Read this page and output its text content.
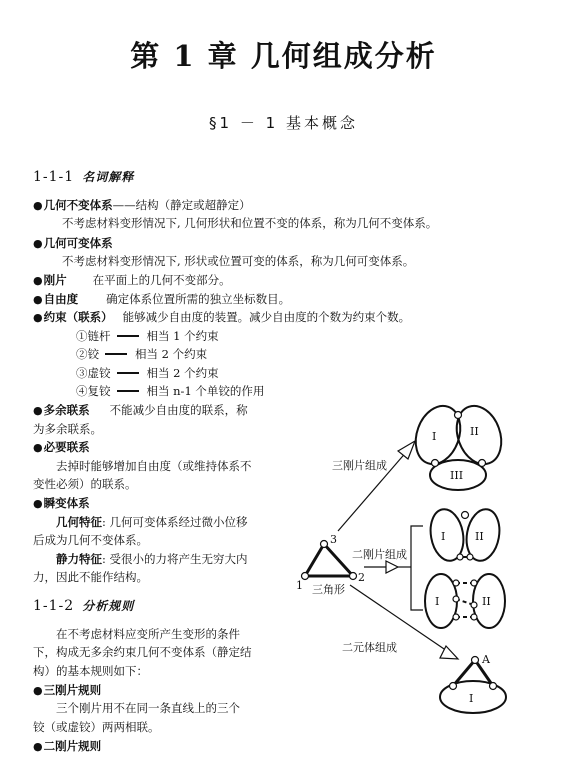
第 1 章 几何组成分析
§1 － 1 基本概念
1-1-1 名词解释
●几何不变体系——结构（静定或超静定）
不考虑材料变形情况下, 几何形状和位置不变的体系，称为几何不变体系。
●几何可变体系
不考虑材料变形情况下, 形状或位置可变的体系，称为几何可变体系。
●刚片 在平面上的几何不变部分。
●自由度 确定体系位置所需的独立坐标数目。
●约束（联系） 能够减少自由度的装置。减少自由度的个数为约束个数。
①链杆	相当 1 个约束
②铰	相当 2 个约束
③虚铰	相当 2 个约束
④复铰	相当 n-1 个单铰的作用
●多余联系 不能减少自由度的联系，称
为多余联系。
●必要联系
去掉时能够增加自由度（或维持体系不
变性必须）的联系。
●瞬变体系
几何特征: 几何可变体系经过微小位移
后成为几何不变体系。
静力特征: 受很小的力将产生无穷大内
力，因此不能作结构。
1-1-2 分析规则
在不考虑材料应变所产生变形的条件
下，构成无多余约束几何不变体系（静定结
构）的基本规则如下：
●三刚片规则
三个刚片用不在同一条直线上的三个
铰（或虚铰）两两相联。
●二刚片规则
3
1
2
三角形
三刚片组成
I	II
III
二刚片组成
I	II
I	II
二元体组成
A
I
